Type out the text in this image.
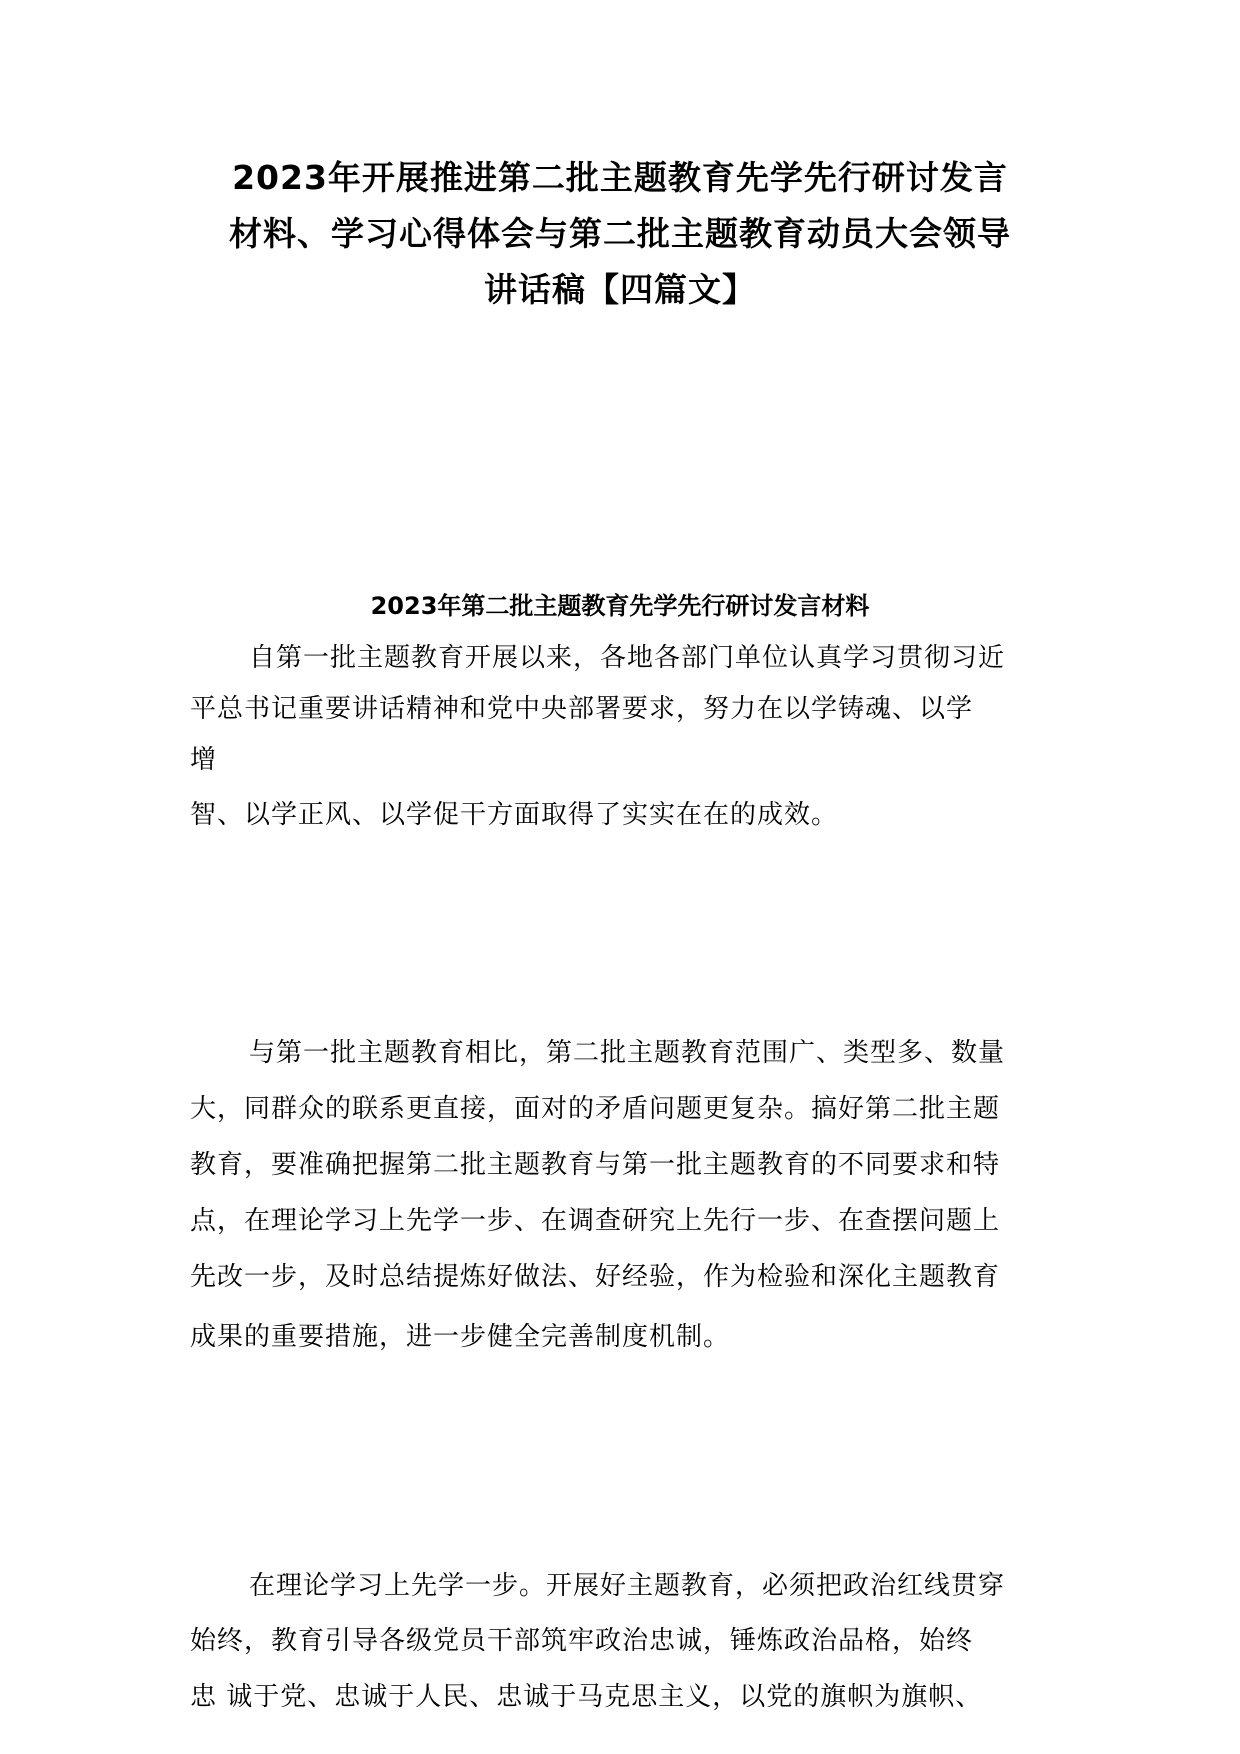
2023年开展推进第二批主题教育先学先行研讨发言
材料、学习心得体会与第二批主题教育动员大会领导
讲话稿【四篇文】
2023年第二批主题教育先学先行研讨发言材料
自第一批主题教育开展以来，各地各部门单位认真学习贯彻习近
平总书记重要讲话精神和党中央部署要求，努力在以学铸魂、以学
增
智、以学正风、以学促干方面取得了实实在在的成效。
与第一批主题教育相比，第二批主题教育范围广、类型多、数量
大，同群众的联系更直接，面对的矛盾问题更复杂。搞好第二批主题
教育，要准确把握第二批主题教育与第一批主题教育的不同要求和特
点，在理论学习上先学一步、在调查研究上先行一步、在查摆问题上
先改一步，及时总结提炼好做法、好经验，作为检验和深化主题教育
成果的重要措施，进一步健全完善制度机制。
在理论学习上先学一步。开展好主题教育，必须把政治红线贯穿
始终，教育引导各级党员干部筑牢政治忠诚，锤炼政治品格，始终
忠 诚于党、忠诚于人民、忠诚于马克思主义，以党的旗帜为旗帜、
